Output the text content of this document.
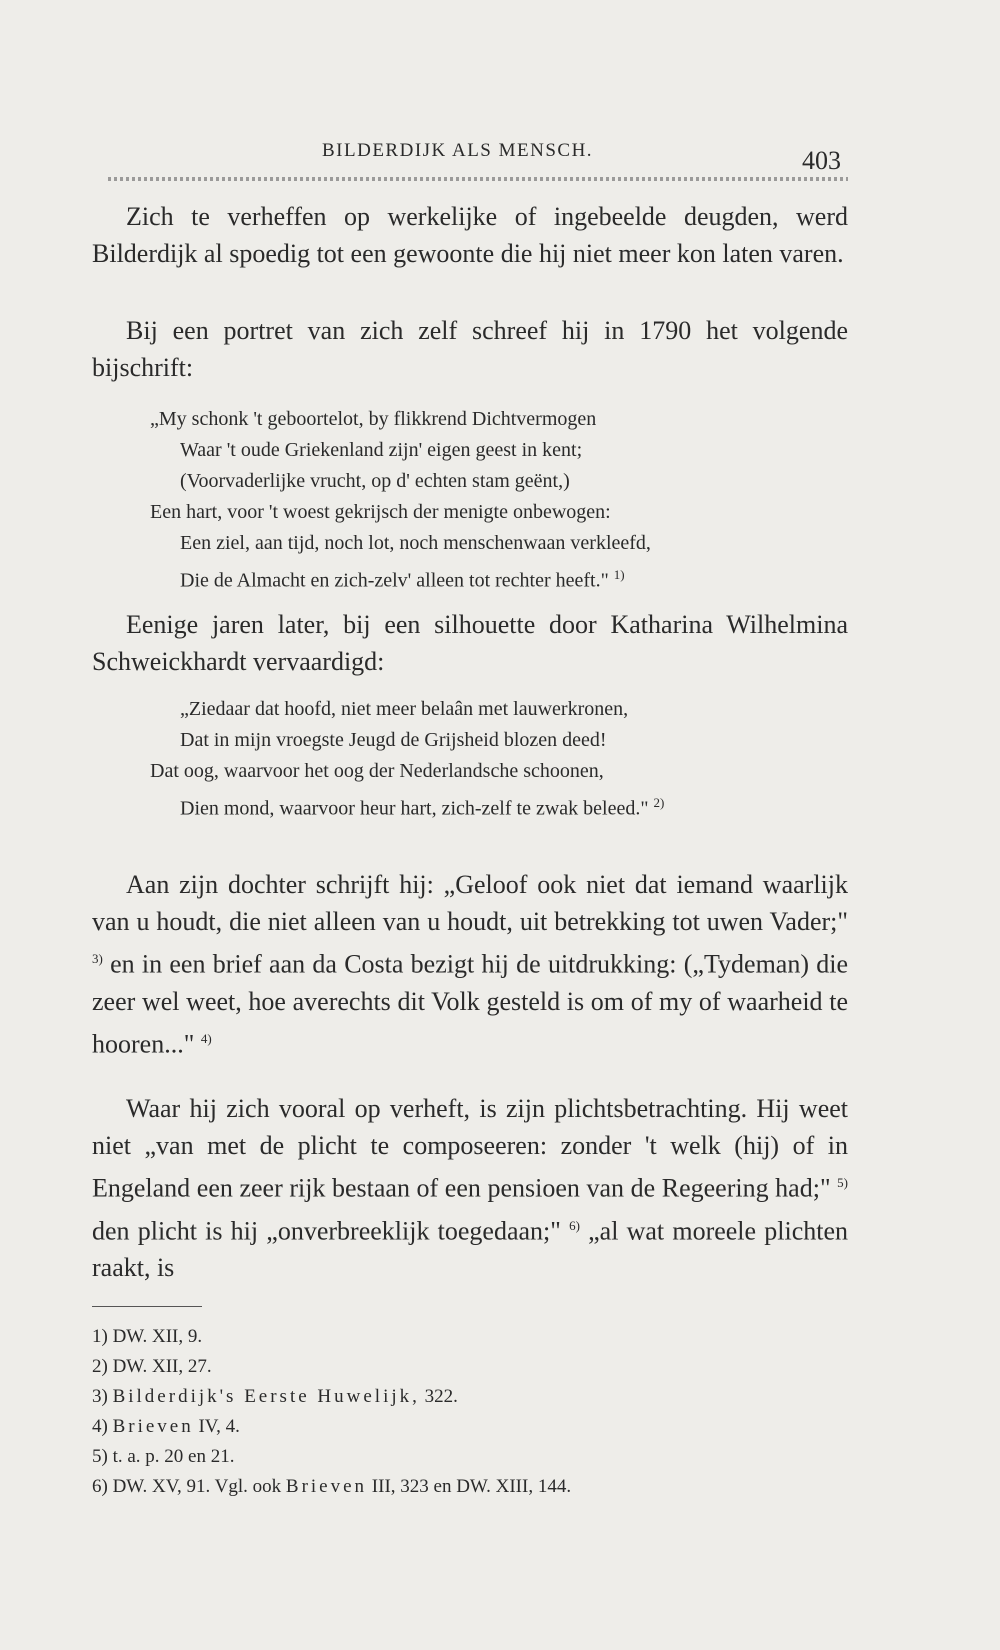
BILDERDIJK ALS MENSCH.	403
Zich te verheffen op werkelijke of ingebeelde deugden, werd Bilderdijk al spoedig tot een gewoonte die hij niet meer kon laten varen.
Bij een portret van zich zelf schreef hij in 1790 het volgende bijschrift:
„My schonk 't geboortelot, by flikkrend Dichtvermogen
Waar 't oude Griekenland zijn' eigen geest in kent;
(Voorvaderlijke vrucht, op d' echten stam geënt,)
Een hart, voor 't woest gekrijsch der menigte onbewogen:
Een ziel, aan tijd, noch lot, noch menschenwaan verkleefd,
Die de Almacht en zich-zelv' alleen tot rechter heeft." $^{1)}$
Eenige jaren later, bij een silhouette door Katharina Wilhelmina Schweickhardt vervaardigd:
„Ziedaar dat hoofd, niet meer belaân met lauwerkronen,
Dat in mijn vroegste Jeugd de Grijsheid blozen deed!
Dat oog, waarvoor het oog der Nederlandsche schoonen,
Dien mond, waarvoor heur hart, zich-zelf te zwak beleed." $^{2)}$
Aan zijn dochter schrijft hij: „Geloof ook niet dat iemand waarlijk van u houdt, die niet alleen van u houdt, uit betrekking tot uwen Vader;" $^{3)}$ en in een brief aan da Costa bezigt hij de uitdrukking: („Tydeman) die zeer wel weet, hoe averechts dit Volk gesteld is om of my of waarheid te hooren..." $^{4)}$
Waar hij zich vooral op verheft, is zijn plichtsbetrachting. Hij weet niet „van met de plicht te composeeren: zonder 't welk (hij) of in Engeland een zeer rijk bestaan of een pensioen van de Regeering had;" $^{5)}$ den plicht is hij „onverbreeklijk toegedaan;" $^{6)}$ „al wat moreele plichten raakt, is
1) DW. XII, 9.
2) DW. XII, 27.
3) Bilderdijk's Eerste Huwelijk, 322.
4) Brieven IV, 4.
5) t. a. p. 20 en 21.
6) DW. XV, 91. Vgl. ook Brieven III, 323 en DW. XIII, 144.
